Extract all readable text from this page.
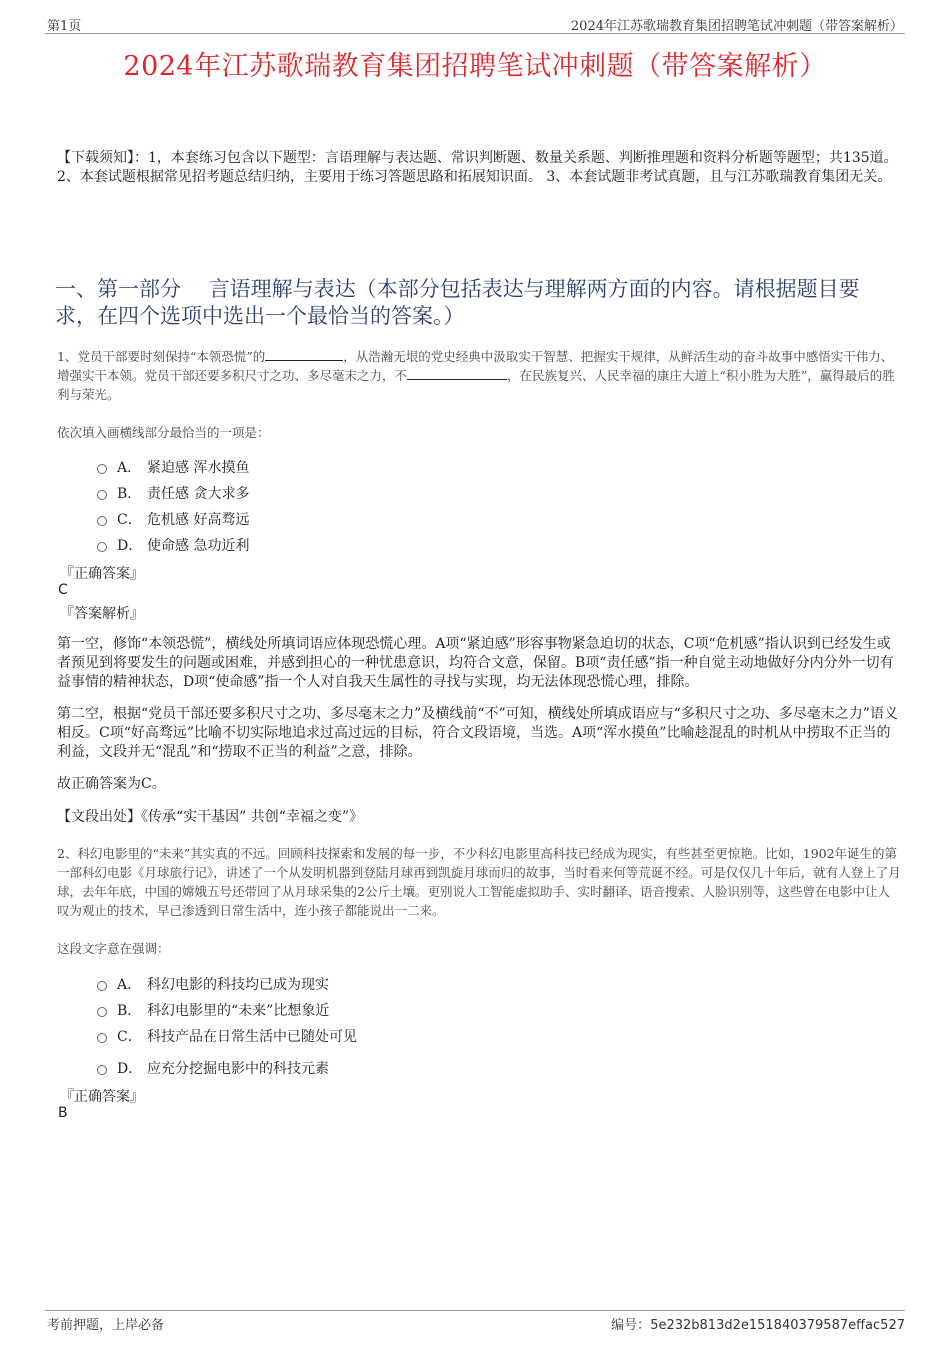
第1页	2024年江苏歌瑞教育集团招聘笔试冲刺题（带答案解析）
2024年江苏歌瑞教育集团招聘笔试冲刺题（带答案解析）
【下载须知】：1，本套练习包含以下题型：言语理解与表达题、常识判断题、数量关系题、判断推理题和资料分析题等题型；共135道。 2、本套试题根据常见招考题总结归纳，主要用于练习答题思路和拓展知识面。 3、本套试题非考试真题，且与江苏歌瑞教育集团无关。
一、第一部分　 言语理解与表达（本部分包括表达与理解两方面的内容。请根据题目要求，在四个选项中选出一个最恰当的答案。）
1、党员干部要时刻保持“本领恐慌”的	，从浩瀚无垠的党史经典中汲取实干智慧、把握实干规律，从鲜活生动的奋斗故事中感悟实干伟力、增强实干本领。党员干部还要多积尺寸之功、多尽毫末之力，不	，在民族复兴、人民幸福的康庄大道上“积小胜为大胜”，赢得最后的胜利与荣光。
依次填入画横线部分最恰当的一项是：
A． 紧迫感 浑水摸鱼
B． 责任感 贪大求多
C． 危机感 好高骛远
D． 使命感 急功近利
『正确答案』
C
『答案解析』
第一空，修饰“本领恐慌”，横线处所填词语应体现恐慌心理。A项“紧迫感”形容事物紧急迫切的状态，C项“危机感”指认识到已经发生或者预见到将要发生的问题或困难，并感到担心的一种忧患意识，均符合文意，保留。B项“责任感”指一种自觉主动地做好分内分外一切有益事情的精神状态，D项“使命感”指一个人对自我天生属性的寻找与实现，均无法体现恐慌心理，排除。
第二空，根据“党员干部还要多积尺寸之功、多尽毫末之力”及横线前“不”可知，横线处所填成语应与“多积尺寸之功、多尽毫末之力”语义相反。C项“好高骛远”比喻不切实际地追求过高过远的目标，符合文段语境，当选。A项“浑水摸鱼”比喻趁混乱的时机从中捞取不正当的利益，文段并无“混乱”和“捞取不正当的利益”之意，排除。
故正确答案为C。
【文段出处】《传承“实干基因” 共创“幸福之变”》
2、科幻电影里的“未来”其实真的不远。回顾科技探索和发展的每一步，不少科幻电影里高科技已经成为现实，有些甚至更惊艳。比如，1902年诞生的第一部科幻电影《月球旅行记》，讲述了一个从发明机器到登陆月球再到凯旋月球而归的故事，当时看来何等荒诞不经。可是仅仅几十年后，就有人登上了月球，去年年底，中国的嫦娥五号还带回了从月球采集的2公斤土壤。更别说人工智能虚拟助手、实时翻译、语音搜索、人脸识别等，这些曾在电影中让人叹为观止的技术，早已渗透到日常生活中，连小孩子都能说出一二来。
这段文字意在强调：
A． 科幻电影的科技均已成为现实
B． 科幻电影里的“未来”比想象近
C． 科技产品在日常生活中已随处可见
D． 应充分挖掘电影中的科技元素
『正确答案』
B
考前押题，上岸必备	编号：5e232b813d2e151840379587effac527
